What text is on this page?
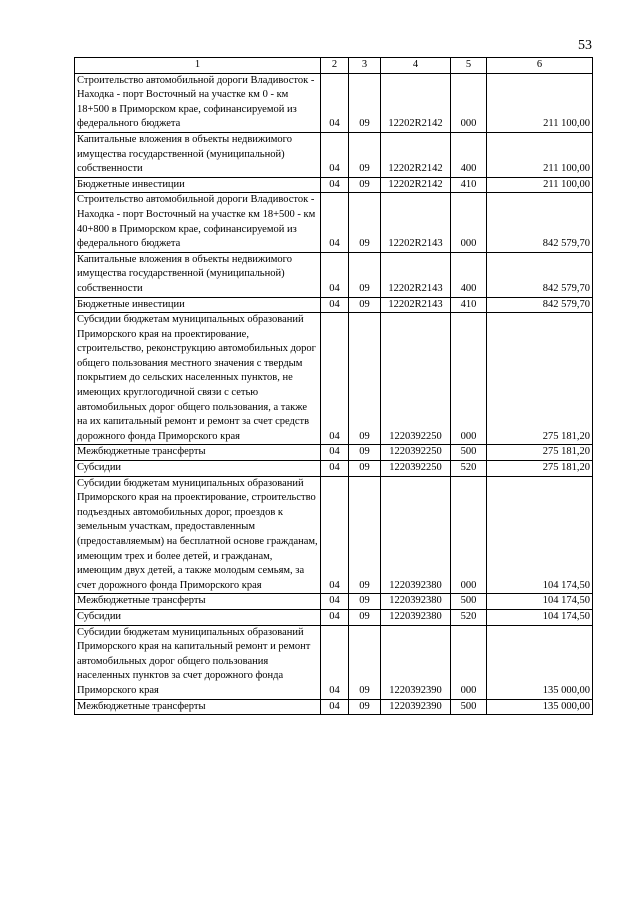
53
1	2	3	4	5	6
Строительство автомобильной дороги Владивосток - Находка - порт Восточный на участке км 0 - км 18+500 в Приморском крае, софинансируемой из федерального бюджета	04	09	12202R2142	000	211 100,00
Капитальные вложения в объекты недвижимого имущества государственной (муниципальной) собственности	04	09	12202R2142	400	211 100,00
Бюджетные инвестиции	04	09	12202R2142	410	211 100,00
Строительство автомобильной дороги Владивосток - Находка - порт Восточный на участке км 18+500 - км 40+800 в Приморском крае, софинансируемой из федерального бюджета	04	09	12202R2143	000	842 579,70
Капитальные вложения в объекты недвижимого имущества государственной (муниципальной) собственности	04	09	12202R2143	400	842 579,70
Бюджетные инвестиции	04	09	12202R2143	410	842 579,70
Субсидии бюджетам муниципальных образований Приморского края на проектирование, строительство, реконструкцию автомобильных дорог общего пользования местного значения с твердым покрытием до сельских населенных пунктов, не имеющих круглогодичной связи с сетью автомобильных дорог общего пользования, а также на их капитальный ремонт и ремонт за счет средств дорожного фонда Приморского края	04	09	1220392250	000	275 181,20
Межбюджетные трансферты	04	09	1220392250	500	275 181,20
Субсидии	04	09	1220392250	520	275 181,20
Субсидии бюджетам муниципальных образований Приморского края на проектирование, строительство подъездных автомобильных дорог, проездов к земельным участкам, предоставленным (предоставляемым) на бесплатной основе гражданам, имеющим трех и более детей, и гражданам, имеющим двух детей, а также молодым семьям, за счет дорожного фонда Приморского края	04	09	1220392380	000	104 174,50
Межбюджетные трансферты	04	09	1220392380	500	104 174,50
Субсидии	04	09	1220392380	520	104 174,50
Субсидии бюджетам муниципальных образований Приморского края на капитальный ремонт и ремонт автомобильных дорог общего пользования населенных пунктов за счет дорожного фонда Приморского края	04	09	1220392390	000	135 000,00
Межбюджетные трансферты	04	09	1220392390	500	135 000,00
